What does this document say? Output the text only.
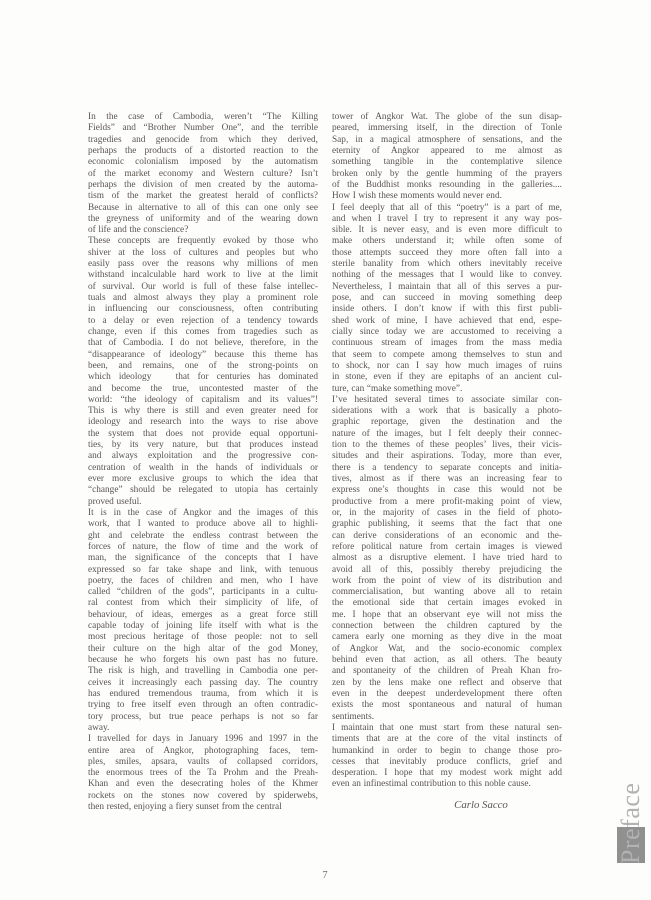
In the case of Cambodia, weren’t “The Killing
Fields” and “Brother Number One”, and the terrible
tragedies and genocide from which they derived,
perhaps the products of a distorted reaction to the
economic colonialism imposed by the automatism
of the market economy and Western culture? Isn’t
perhaps the division of men created by the automa-
tism of the market the greatest herald of conflicts?
Because in alternative to all of this can one only see
the greyness of uniformity and of the wearing down
of life and the conscience?
These concepts are frequently evoked by those who
shiver at the loss of cultures and peoples but who
easily pass over the reasons why millions of men
withstand incalculable hard work to live at the limit
of survival. Our world is full of these false intellec-
tuals and almost always they play a prominent role
in influencing our consciousness, often contributing
to a delay or even rejection of a tendency towards
change, even if this comes from tragedies such as
that of Cambodia. I do not believe, therefore, in the
“disappearance of ideology” because this theme has
been, and remains, one of the strong-points on
which ideology   that for centuries has dominated
and become the true, uncontested master of the
world: “the ideology of capitalism and its values”!
This is why there is still and even greater need for
ideology and research into the ways to rise above
the system that does not provide equal opportuni-
ties, by its very nature, but that produces instead
and always exploitation and the progressive con-
centration of wealth in the hands of individuals or
ever more exclusive groups to which the idea that
“change” should be relegated to utopia has certainly
proved useful.
It is in the case of Angkor and the images of this
work, that I wanted to produce above all to highli-
ght and celebrate the endless contrast between the
forces of nature, the flow of time and the work of
man, the significance of the concepts that I have
expressed so far take shape and link, with tenuous
poetry, the faces of children and men, who I have
called “children of the gods”, participants in a cultu-
ral contest from which their simplicity of life, of
behaviour, of ideas, emerges as a great force still
capable today of joining life itself with what is the
most precious heritage of those people: not to sell
their culture on the high altar of the god Money,
because he who forgets his own past has no future.
The risk is high, and travelling in Cambodia one per-
ceives it increasingly each passing day. The country
has endured tremendous trauma, from which it is
trying to free itself even through an often contradic-
tory process, but true peace perhaps is not so far
away.
I travelled for days in January 1996 and 1997 in the
entire area of Angkor, photographing faces, tem-
ples, smiles, apsara, vaults of collapsed corridors,
the enormous trees of the Ta Prohm and the Preah-
Khan and even the desecrating holes of the Khmer
rockets on the stones now covered by spiderwebs,
then rested, enjoying a fiery sunset from the central
tower of Angkor Wat. The globe of the sun disap-
peared, immersing itself, in the direction of Tonle
Sap, in a magical atmosphere of sensations, and the
eternity of Angkor appeared to me almost as
something tangible in the contemplative silence
broken only by the gentle humming of the prayers
of the Buddhist monks resounding in the galleries....
How I wish these moments would never end.
I feel deeply that all of this “poetry” is a part of me,
and when I travel I try to represent it any way pos-
sible. It is never easy, and is even more difficult to
make others understand it; while often some of
those attempts succeed they more often fall into a
sterile banality from which others inevitably receive
nothing of the messages that I would like to convey.
Nevertheless, I maintain that all of this serves a pur-
pose, and can succeed in moving something deep
inside others. I don’t know if with this first publi-
shed work of mine, I have achieved that end, espe-
cially since today we are accustomed to receiving a
continuous stream of images from the mass media
that seem to compete among themselves to stun and
to shock, nor can I say how much images of ruins
in stone, even if they are epitaphs of an ancient cul-
ture, can “make something move”.
I’ve hesitated several times to associate similar con-
siderations with a work that is basically a photo-
graphic reportage, given the destination and the
nature of the images, but I felt deeply their connec-
tion to the themes of these peoples’ lives, their vicis-
situdes and their aspirations. Today, more than ever,
there is a tendency to separate concepts and initia-
tives, almost as if there was an increasing fear to
express one’s thoughts in case this would not be
productive from a mere profit-making point of view,
or, in the majority of cases in the field of photo-
graphic publishing, it seems that the fact that one
can derive considerations of an economic and the-
refore political nature from certain images is viewed
almost as a disruptive element. I have tried hard to
avoid all of this, possibly thereby prejudicing the
work from the point of view of its distribution and
commercialisation, but wanting above all to retain
the emotional side that certain images evoked in
me. I hope that an observant eye will not miss the
connection between the children captured by the
camera early one morning as they dive in the moat
of Angkor Wat, and the socio-economic complex
behind even that action, as all others. The beauty
and spontaneity of the children of Preah Khan fro-
zen by the lens make one reflect and observe that
even in the deepest underdevelopment there often
exists the most spontaneous and natural of human
sentiments.
I maintain that one must start from these natural sen-
timents that are at the core of the vital instincts of
humankind in order to begin to change those pro-
cesses that inevitably produce conflicts, grief and
desperation. I hope that my modest work might add
even an infinestimal contribution to this noble cause.
Carlo Sacco	Preface
7
